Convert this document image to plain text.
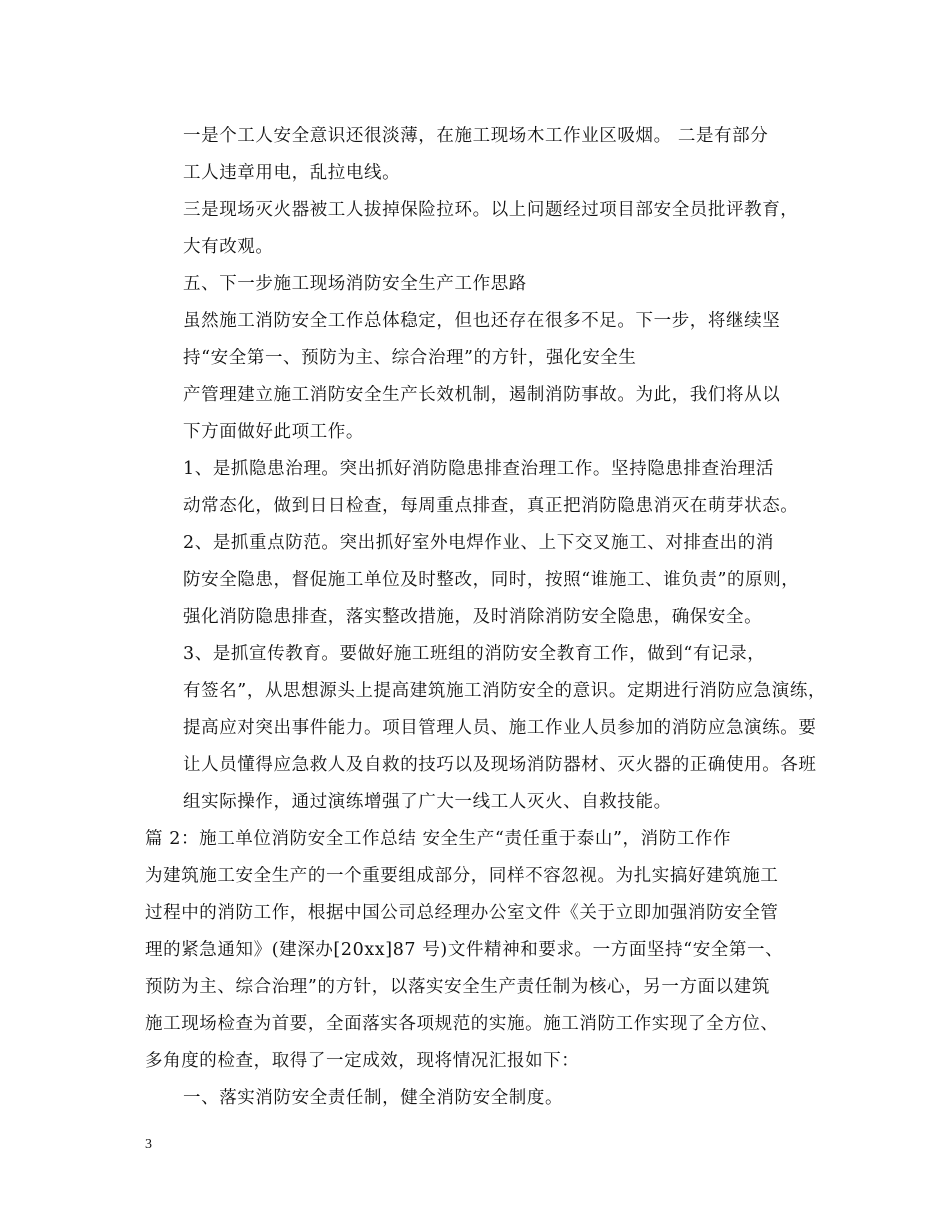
一是个工人安全意识还很淡薄，在施工现场木工作业区吸烟。 二是有部分
工人违章用电，乱拉电线。

三是现场灭火器被工人拔掉保险拉环。以上问题经过项目部安全员批评教育，
大有改观。

五、下一步施工现场消防安全生产工作思路

虽然施工消防安全工作总体稳定，但也还存在很多不足。下一步，将继续坚
持“安全第一、预防为主、综合治理”的方针，强化安全生

产管理建立施工消防安全生产长效机制，遏制消防事故。为此，我们将从以
下方面做好此项工作。

1、是抓隐患治理。突出抓好消防隐患排查治理工作。坚持隐患排查治理活
动常态化，做到日日检查，每周重点排查，真正把消防隐患消灭在萌芽状态。

2、是抓重点防范。突出抓好室外电焊作业、上下交叉施工、对排查出的消
防安全隐患，督促施工单位及时整改，同时，按照“谁施工、谁负责”的原则，
强化消防隐患排查，落实整改措施，及时消除消防安全隐患，确保安全。

3、是抓宣传教育。要做好施工班组的消防安全教育工作，做到“有记录，
有签名”，从思想源头上提高建筑施工消防安全的意识。定期进行消防应急演练，
提高应对突出事件能力。项目管理人员、施工作业人员参加的消防应急演练。要
让人员懂得应急救人及自救的技巧以及现场消防器材、灭火器的正确使用。各班
组实际操作，通过演练增强了广大一线工人灭火、自救技能。

篇 2：施工单位消防安全工作总结 安全生产“责任重于泰山”，消防工作作
为建筑施工安全生产的一个重要组成部分，同样不容忽视。为扎实搞好建筑施工
过程中的消防工作，根据中国公司总经理办公室文件《关于立即加强消防安全管
理的紧急通知》(建深办[20xx]87 号)文件精神和要求。一方面坚持“安全第一、
预防为主、综合治理”的方针，以落实安全生产责任制为核心，另一方面以建筑
施工现场检查为首要，全面落实各项规范的实施。施工消防工作实现了全方位、
多角度的检查，取得了一定成效，现将情况汇报如下：

一、落实消防安全责任制，健全消防安全制度。

3
